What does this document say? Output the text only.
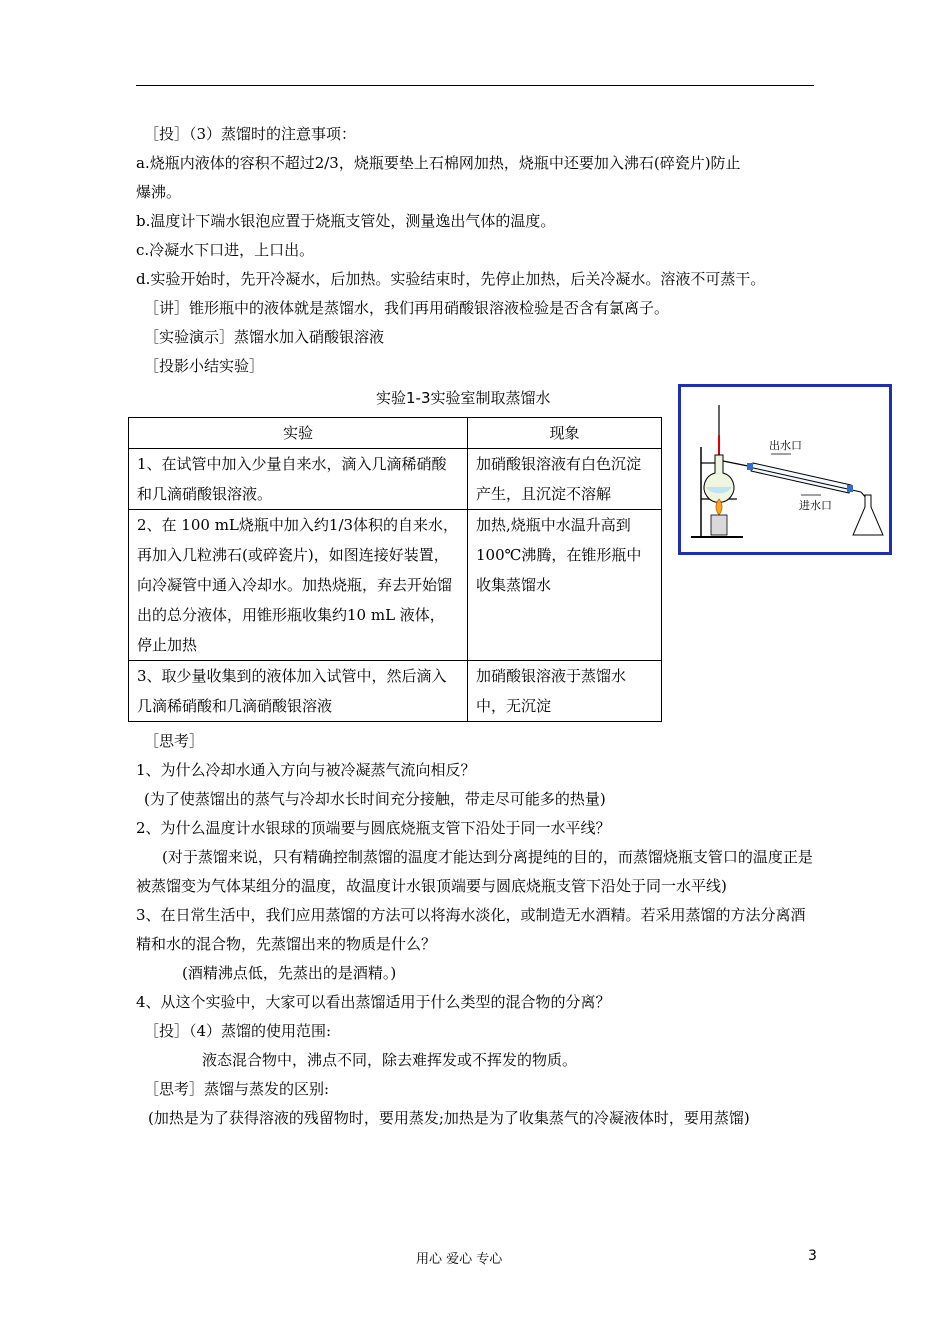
［投］（3）蒸馏时的注意事项：
a.烧瓶内液体的容积不超过2/3，烧瓶要垫上石棉网加热，烧瓶中还要加入沸石(碎瓷片)防止
爆沸。
b.温度计下端水银泡应置于烧瓶支管处，测量逸出气体的温度。
c.冷凝水下口进，上口出。
d.实验开始时，先开冷凝水，后加热。实验结束时，先停止加热，后关冷凝水。溶液不可蒸干。
［讲］锥形瓶中的液体就是蒸馏水，我们再用硝酸银溶液检验是否含有氯离子。
［实验演示］蒸馏水加入硝酸银溶液
［投影小结实验］
实验1-3实验室制取蒸馏水
实验	现象
1、在试管中加入少量自来水，滴入几滴稀硝酸和几滴硝酸银溶液。	加硝酸银溶液有白色沉淀产生，且沉淀不溶解
2、在 100 mL烧瓶中加入约1/3体积的自来水，再加入几粒沸石(或碎瓷片)，如图连接好装置，向冷凝管中通入冷却水。加热烧瓶，弃去开始馏出的总分液体，用锥形瓶收集约10 mL 液体，停止加热	加热,烧瓶中水温升高到100℃沸腾，在锥形瓶中收集蒸馏水
3、取少量收集到的液体加入试管中，然后滴入几滴稀硝酸和几滴硝酸银溶液	加硝酸银溶液于蒸馏水中，无沉淀
出水口
进水口
［思考］
1、为什么冷却水通入方向与被冷凝蒸气流向相反？
(为了使蒸馏出的蒸气与冷却水长时间充分接触，带走尽可能多的热量)
2、为什么温度计水银球的顶端要与圆底烧瓶支管下沿处于同一水平线？
(对于蒸馏来说，只有精确控制蒸馏的温度才能达到分离提纯的目的，而蒸馏烧瓶支管口的温度正是被蒸馏变为气体某组分的温度，故温度计水银顶端要与圆底烧瓶支管下沿处于同一水平线)
3、在日常生活中，我们应用蒸馏的方法可以将海水淡化，或制造无水酒精。若采用蒸馏的方法分离酒精和水的混合物，先蒸馏出来的物质是什么？
(酒精沸点低，先蒸出的是酒精。)
4、从这个实验中，大家可以看出蒸馏适用于什么类型的混合物的分离？
［投］（4）蒸馏的使用范围:
液态混合物中，沸点不同，除去难挥发或不挥发的物质。
［思考］蒸馏与蒸发的区别:
(加热是为了获得溶液的残留物时，要用蒸发;加热是为了收集蒸气的冷凝液体时，要用蒸馏)
用心 爱心 专心	3
